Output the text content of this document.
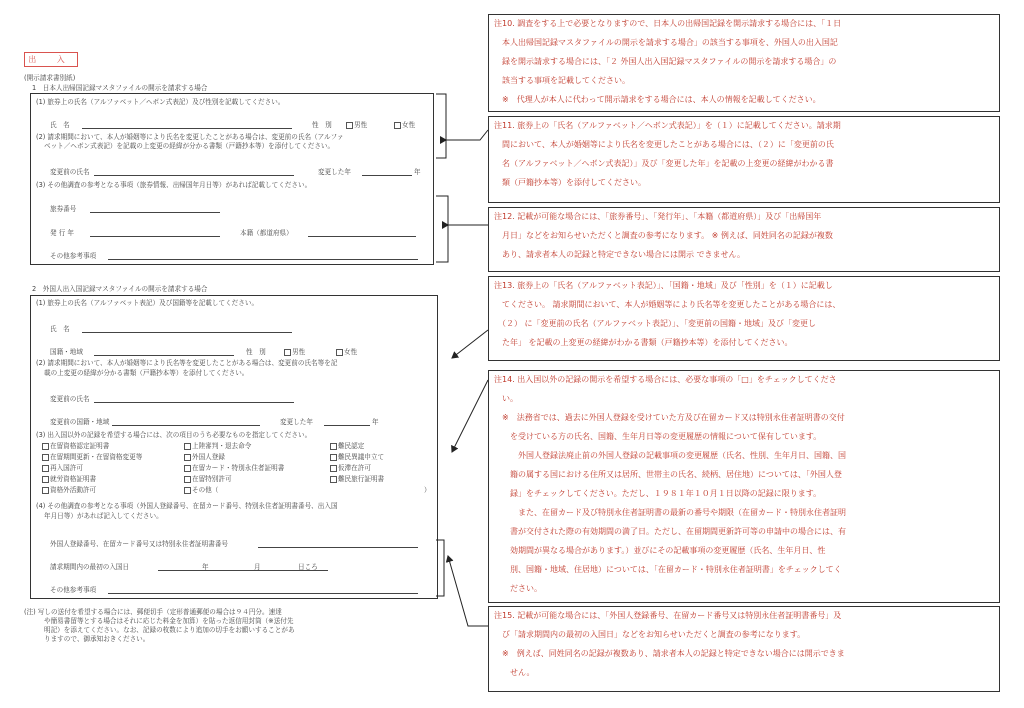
出 入
(開示請求書別紙)
1　日本人出帰国記録マスタファイルの開示を請求する場合
(1) 旅券上の氏名（アルファベット／ヘボン式表記）及び性別を記載してください。
氏　名	性　別	男性	女性
(2) 請求期間において、本人が婚姻等により氏名を変更したことがある場合は、変更前の氏名（アルファ
ベット／ヘボン式表記）を記載の上変更の経緯が分かる書類（戸籍抄本等）を添付してください。
変更前の氏名	変更した年	年
(3) その他調査の参考となる事項（旅券情報、出帰国年月日等）があれば記載してください。
旅券番号
発 行 年	本籍（都道府県）
その他参考事項
2　外国人出入国記録マスタファイルの開示を請求する場合
(1) 旅券上の氏名（アルファベット表記）及び国籍等を記載してください。
氏　名
国籍・地域	性　別	男性	女性
(2) 請求期間において、本人が婚姻等により氏名等を変更したことがある場合は、変更前の氏名等を記
載の上変更の経緯が分かる書類（戸籍抄本等）を添付してください。
変更前の氏名
変更前の国籍・地域	変更した年	年
(3) 出入国以外の記録を希望する場合には、次の項目のうち必要なものを指定してください。
在留資格認定証明書	上陸審判・退去命令	難民認定
在留期間更新・在留資格変更等	外国人登録	難民異議申立て
再入国許可	在留カード・特別永住者証明書	仮滞在許可
就労資格証明書	在留特別許可	難民旅行証明書
資格外活動許可	その他（	）
(4) その他調査の参考となる事項（外国人登録番号、在留カード番号、特別永住者証明書番号、出入国
年月日等）があれば記入してください。
外国人登録番号、在留カード番号又は特別永住者証明書番号
請求期間内の最初の入国日	年	月	日ころ
その他参考事項
(注) 写しの送付を希望する場合には、郵便切手（定形普通郵便の場合は９４円分。速達
や簡易書留等とする場合はそれに応じた料金を加算）を貼った返信用封筒（※送付先
明記）を添えてください。なお、記録の枚数により追加の切手をお願いすることがあ
りますので、御承知おきください。
注10. 調査をする上で必要となりますので、日本人の出帰国記録を開示請求する場合には、「１日
　本人出帰国記録マスタファイルの開示を請求する場合」の該当する事項を、外国人の出入国記
　録を開示請求する場合には、「２ 外国人出入国記録マスタファイルの開示を請求する場合」の
　該当する事項を記載してください。
　※　代理人が本人に代わって開示請求をする場合には、本人の情報を記載してください。
注11. 旅券上の「氏名（アルファベット／ヘボン式表記）」を（１）に記載してください。請求期
　間において、本人が婚姻等により氏名を変更したことがある場合には、（２）に「変更前の氏
　名（アルファベット／ヘボン式表記）」及び「変更した年」を記載の上変更の経緯がわかる書
　類（戸籍抄本等）を添付してください。
注12. 記載が可能な場合には、「旅券番号」、「発行年」、「本籍（都道府県）」及び「出帰国年
　月日」などをお知らせいただくと調査の参考になります。 ※ 例えば、同姓同名の記録が複数
　あり、請求者本人の記録と特定できない場合には開示 できません。
注13. 旅券上の「氏名（アルファベット表記）」、「国籍・地域」及び「性別」を（１）に記載し
　てください。 請求期間において、本人が婚姻等により氏名等を変更したことがある場合には、
　（２） に「変更前の氏名（アルファベット表記）」、「変更前の国籍・地域」及び「変更し
　た年」 を記載の上変更の経緯がわかる書類（戸籍抄本等）を添付してください。
注14. 出入国以外の記録の開示を希望する場合には、必要な事項の「□」をチェックしてくださ
　い。
　※　法務省では、過去に外国人登録を受けていた方及び在留カード又は特別永住者証明書の交付
　　を受けている方の氏名、国籍、生年月日等の変更履歴の情報について保有しています。
　　　外国人登録法廃止前の外国人登録の記載事項の変更履歴（氏名、性別、生年月日、国籍、国
　　籍の属する国における住所又は居所、世帯主の氏名、続柄、居住地）については、「外国人登
　　録」をチェックしてください。ただし、１９８１年１０月１日以降の記録に限ります。
　　　また、在留カード及び特別永住者証明書の最新の番号や期限（在留カード・特別永住者証明
　　書が交付された際の有効期間の満了日。ただし、在留期間更新許可等の申請中の場合には、有
　　効期間が異なる場合があります。）並びにその記載事項の変更履歴（氏名、生年月日、性
　　別、国籍・地域、住居地）については、「在留カード・特別永住者証明書」をチェックしてく
　　ださい。
注15. 記載が可能な場合には、「外国人登録番号、在留カード番号又は特別永住者証明書番号」及
　び「請求期間内の最初の入国日」などをお知らせいただくと調査の参考になります。
　※　例えば、同姓同名の記録が複数あり、請求者本人の記録と特定できない場合には開示できま
　　せん。
